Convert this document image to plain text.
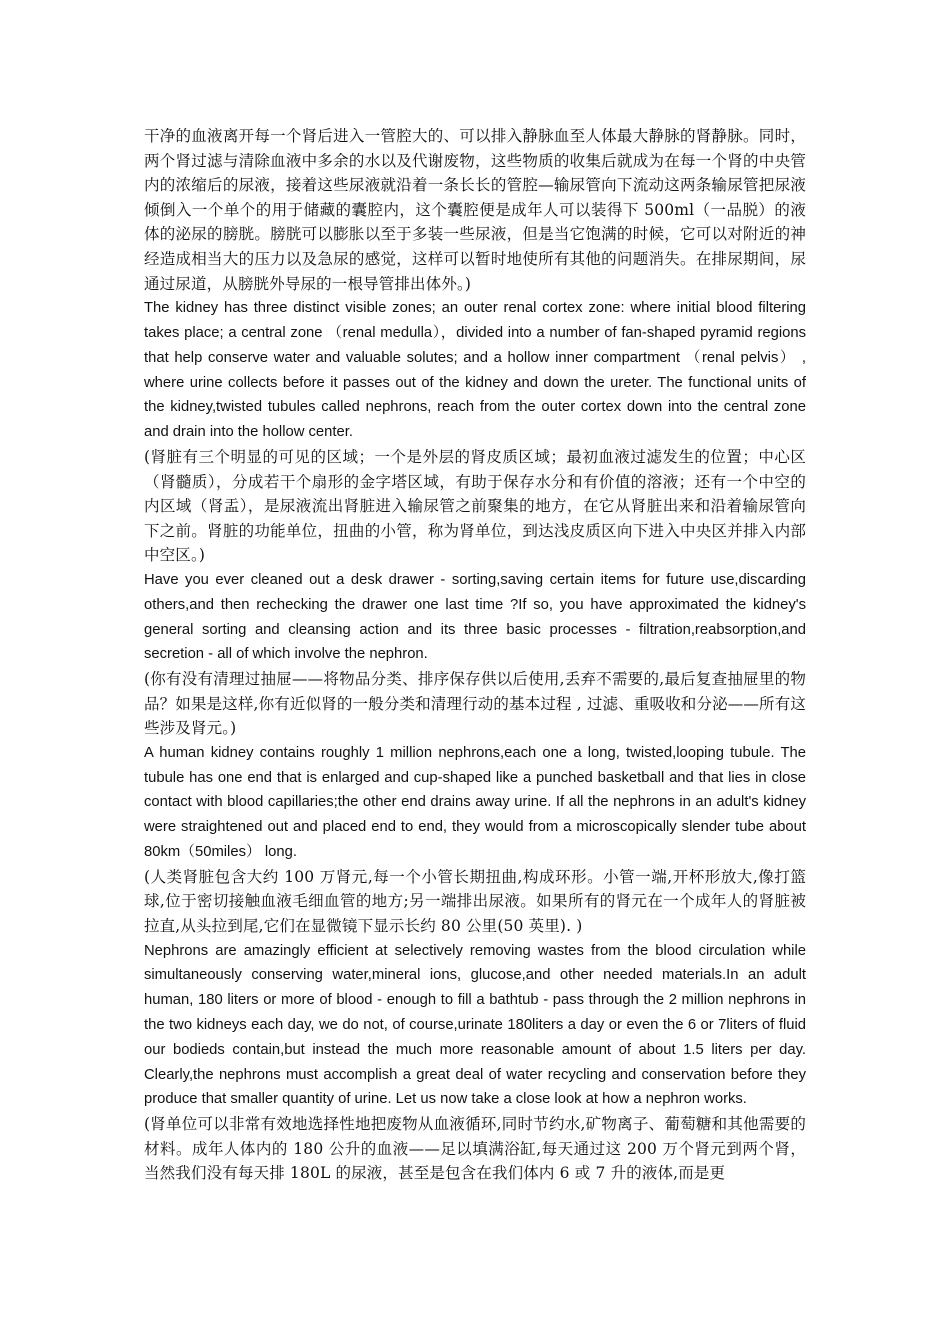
干净的血液离开每一个肾后进入一管腔大的、可以排入静脉血至人体最大静脉的肾静脉。同时，两个肾过滤与清除血液中多余的水以及代谢废物，这些物质的收集后就成为在每一个肾的中央管内的浓缩后的尿液，接着这些尿液就沿着一条长长的管腔—输尿管向下流动这两条输尿管把尿液倾倒入一个单个的用于储藏的囊腔内，这个囊腔便是成年人可以装得下 500ml（一品脱）的液体的泌尿的膀胱。膀胱可以膨胀以至于多装一些尿液，但是当它饱满的时候，它可以对附近的神经造成相当大的压力以及急尿的感觉，这样可以暂时地使所有其他的问题消失。在排尿期间，尿通过尿道，从膀胱外导尿的一根导管排出体外。)

The kidney has three distinct visible zones; an outer renal cortex zone: where initial blood filtering takes place; a central zone （renal medulla），divided into a number of fan-shaped pyramid regions that help conserve water and valuable solutes; and a hollow inner compartment （renal pelvis） , where urine collects before it passes out of the kidney and down the ureter. The functional units of the kidney,twisted tubules called nephrons, reach from the outer cortex down into the central zone and drain into the hollow center.

(肾脏有三个明显的可见的区域；一个是外层的肾皮质区域；最初血液过滤发生的位置；中心区（肾髓质），分成若干个扇形的金字塔区域，有助于保存水分和有价值的溶液；还有一个中空的内区域（肾盂），是尿液流出肾脏进入输尿管之前聚集的地方，在它从肾脏出来和沿着输尿管向下之前。肾脏的功能单位，扭曲的小管，称为肾单位，到达浅皮质区向下进入中央区并排入内部中空区。)

Have you ever cleaned out a desk drawer - sorting,saving certain items for future use,discarding others,and then rechecking the drawer one last time ?If so, you have approximated the kidney's general sorting and cleansing action and its three basic processes - filtration,reabsorption,and secretion - all of which involve the nephron.

(你有没有清理过抽屉——将物品分类、排序保存供以后使用,丢弃不需要的,最后复查抽屉里的物品？如果是这样,你有近似肾的一般分类和清理行动的基本过程 , 过滤、重吸收和分泌——所有这些涉及肾元。)

A human kidney contains roughly 1 million nephrons,each one a long, twisted,looping tubule. The tubule has one end that is enlarged and cup-shaped like a punched basketball and that lies in close contact with blood capillaries;the other end drains away urine. If all the nephrons in an adult's kidney were straightened out and placed end to end, they would from a microscopically slender tube about 80km（50miles） long.

(人类肾脏包含大约 100 万肾元,每一个小管长期扭曲,构成环形。小管一端,开杯形放大,像打篮球,位于密切接触血液毛细血管的地方;另一端排出尿液。如果所有的肾元在一个成年人的肾脏被拉直,从头拉到尾,它们在显微镜下显示长约 80 公里(50 英里). )

Nephrons are amazingly efficient at selectively removing wastes from the blood circulation while simultaneously conserving water,mineral ions, glucose,and other needed materials.In an adult human, 180 liters or more of blood - enough to fill a bathtub - pass through the 2 million nephrons in the two kidneys each day, we do not, of course,urinate 180liters a day or even the 6 or 7liters of fluid our bodieds contain,but instead the much more reasonable amount of about 1.5 liters per day. Clearly,the nephrons must accomplish a great deal of water recycling and conservation before they produce that smaller quantity of urine. Let us now take a close look at how a nephron works.

(肾单位可以非常有效地选择性地把废物从血液循环,同时节约水,矿物离子、葡萄糖和其他需要的材料。成年人体内的 180 公升的血液——足以填满浴缸,每天通过这 200 万个肾元到两个肾，当然我们没有每天排 180L 的尿液，甚至是包含在我们体内 6 或 7 升的液体,而是更
